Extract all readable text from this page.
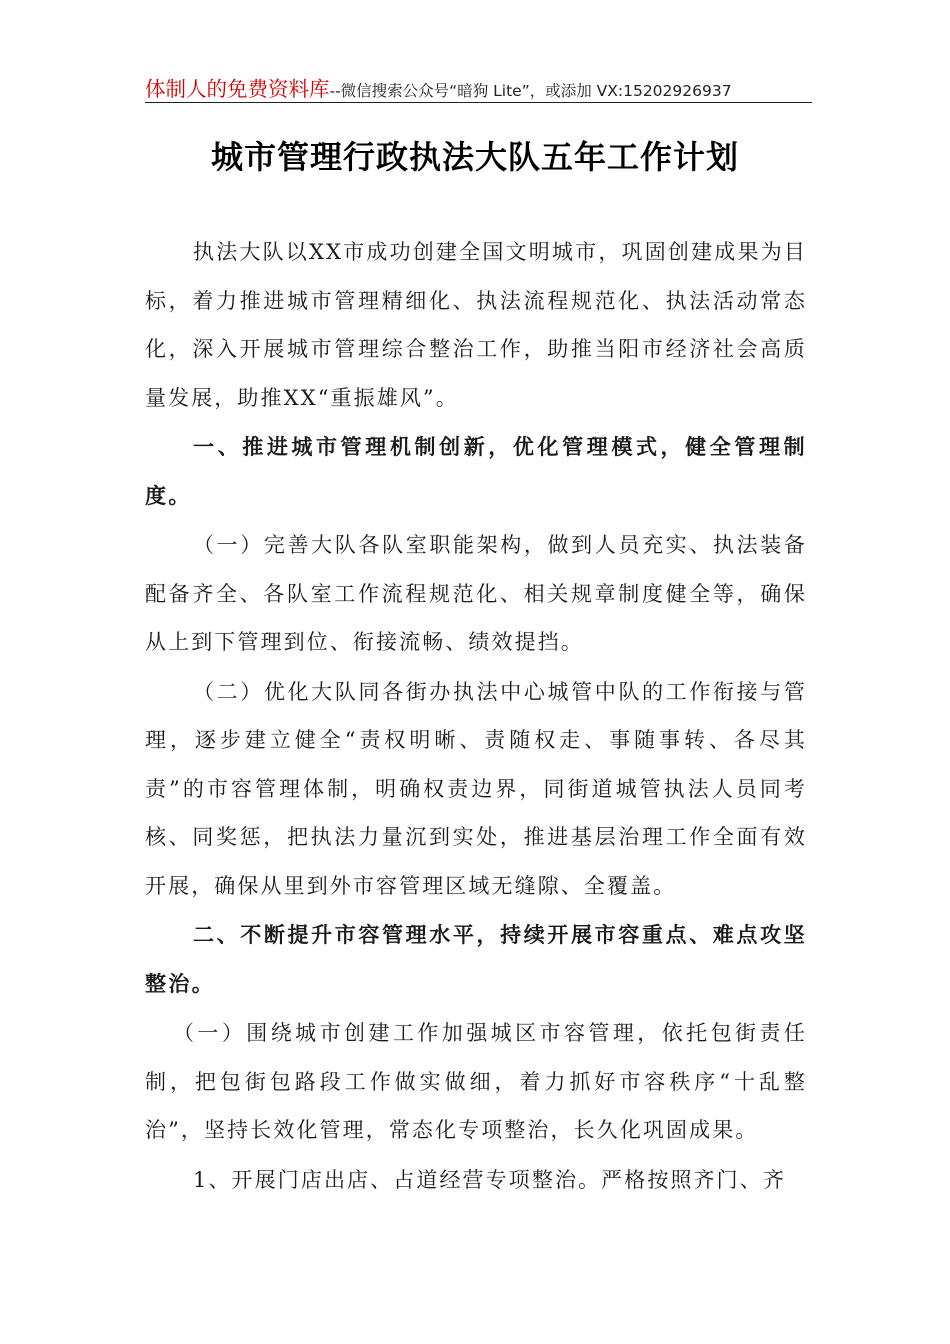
体制人的免费资料库--微信搜索公众号“暗狗 Lite”，或添加 VX:15202926937
城市管理行政执法大队五年工作计划

执法大队以XX市成功创建全国文明城市，巩固创建成果为目标，着力推进城市管理精细化、执法流程规范化、执法活动常态化，深入开展城市管理综合整治工作，助推当阳市经济社会高质量发展，助推XX“重振雄风”。

一、推进城市管理机制创新，优化管理模式，健全管理制度。

（一）完善大队各队室职能架构，做到人员充实、执法装备配备齐全、各队室工作流程规范化、相关规章制度健全等，确保从上到下管理到位、衔接流畅、绩效提挡。

（二）优化大队同各街办执法中心城管中队的工作衔接与管理，逐步建立健全“责权明晰、责随权走、事随事转、各尽其责”的市容管理体制，明确权责边界，同街道城管执法人员同考核、同奖惩，把执法力量沉到实处，推进基层治理工作全面有效开展，确保从里到外市容管理区域无缝隙、全覆盖。

二、不断提升市容管理水平，持续开展市容重点、难点攻坚整治。

（一）围绕城市创建工作加强城区市容管理，依托包街责任制，把包街包路段工作做实做细，着力抓好市容秩序“十乱整治”，坚持长效化管理，常态化专项整治，长久化巩固成果。

1、开展门店出店、占道经营专项整治。严格按照齐门、齐
